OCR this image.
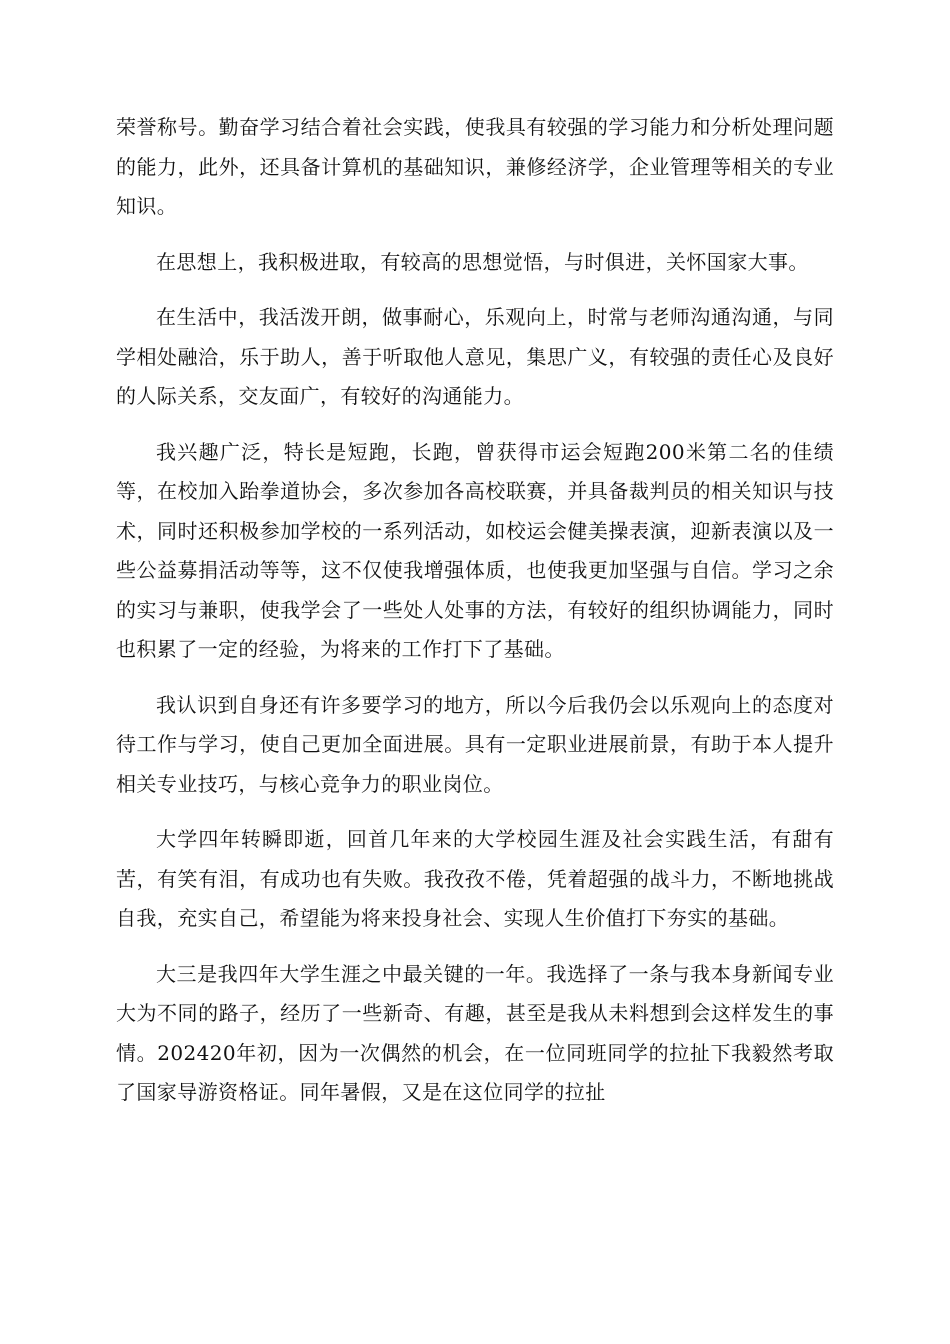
荣誉称号。勤奋学习结合着社会实践，使我具有较强的学习能力和分析处理问题的能力，此外，还具备计算机的基础知识，兼修经济学，企业管理等相关的专业知识。

在思想上，我积极进取，有较高的思想觉悟，与时俱进，关怀国家大事。

在生活中，我活泼开朗，做事耐心，乐观向上，时常与老师沟通沟通，与同学相处融洽，乐于助人，善于听取他人意见，集思广义，有较强的责任心及良好的人际关系，交友面广，有较好的沟通能力。

我兴趣广泛，特长是短跑，长跑，曾获得市运会短跑200米第二名的佳绩等，在校加入跆拳道协会，多次参加各高校联赛，并具备裁判员的相关知识与技术，同时还积极参加学校的一系列活动，如校运会健美操表演，迎新表演以及一些公益募捐活动等等，这不仅使我增强体质，也使我更加坚强与自信。学习之余的实习与兼职，使我学会了一些处人处事的方法，有较好的组织协调能力，同时也积累了一定的经验，为将来的工作打下了基础。

我认识到自身还有许多要学习的地方，所以今后我仍会以乐观向上的态度对待工作与学习，使自己更加全面进展。具有一定职业进展前景，有助于本人提升相关专业技巧，与核心竞争力的职业岗位。

大学四年转瞬即逝，回首几年来的大学校园生涯及社会实践生活，有甜有苦，有笑有泪，有成功也有失败。我孜孜不倦，凭着超强的战斗力，不断地挑战自我，充实自己，希望能为将来投身社会、实现人生价值打下夯实的基础。

大三是我四年大学生涯之中最关键的一年。我选择了一条与我本身新闻专业大为不同的路子，经历了一些新奇、有趣，甚至是我从未料想到会这样发生的事情。202420年初，因为一次偶然的机会，在一位同班同学的拉扯下我毅然考取了国家导游资格证。同年暑假，又是在这位同学的拉扯
